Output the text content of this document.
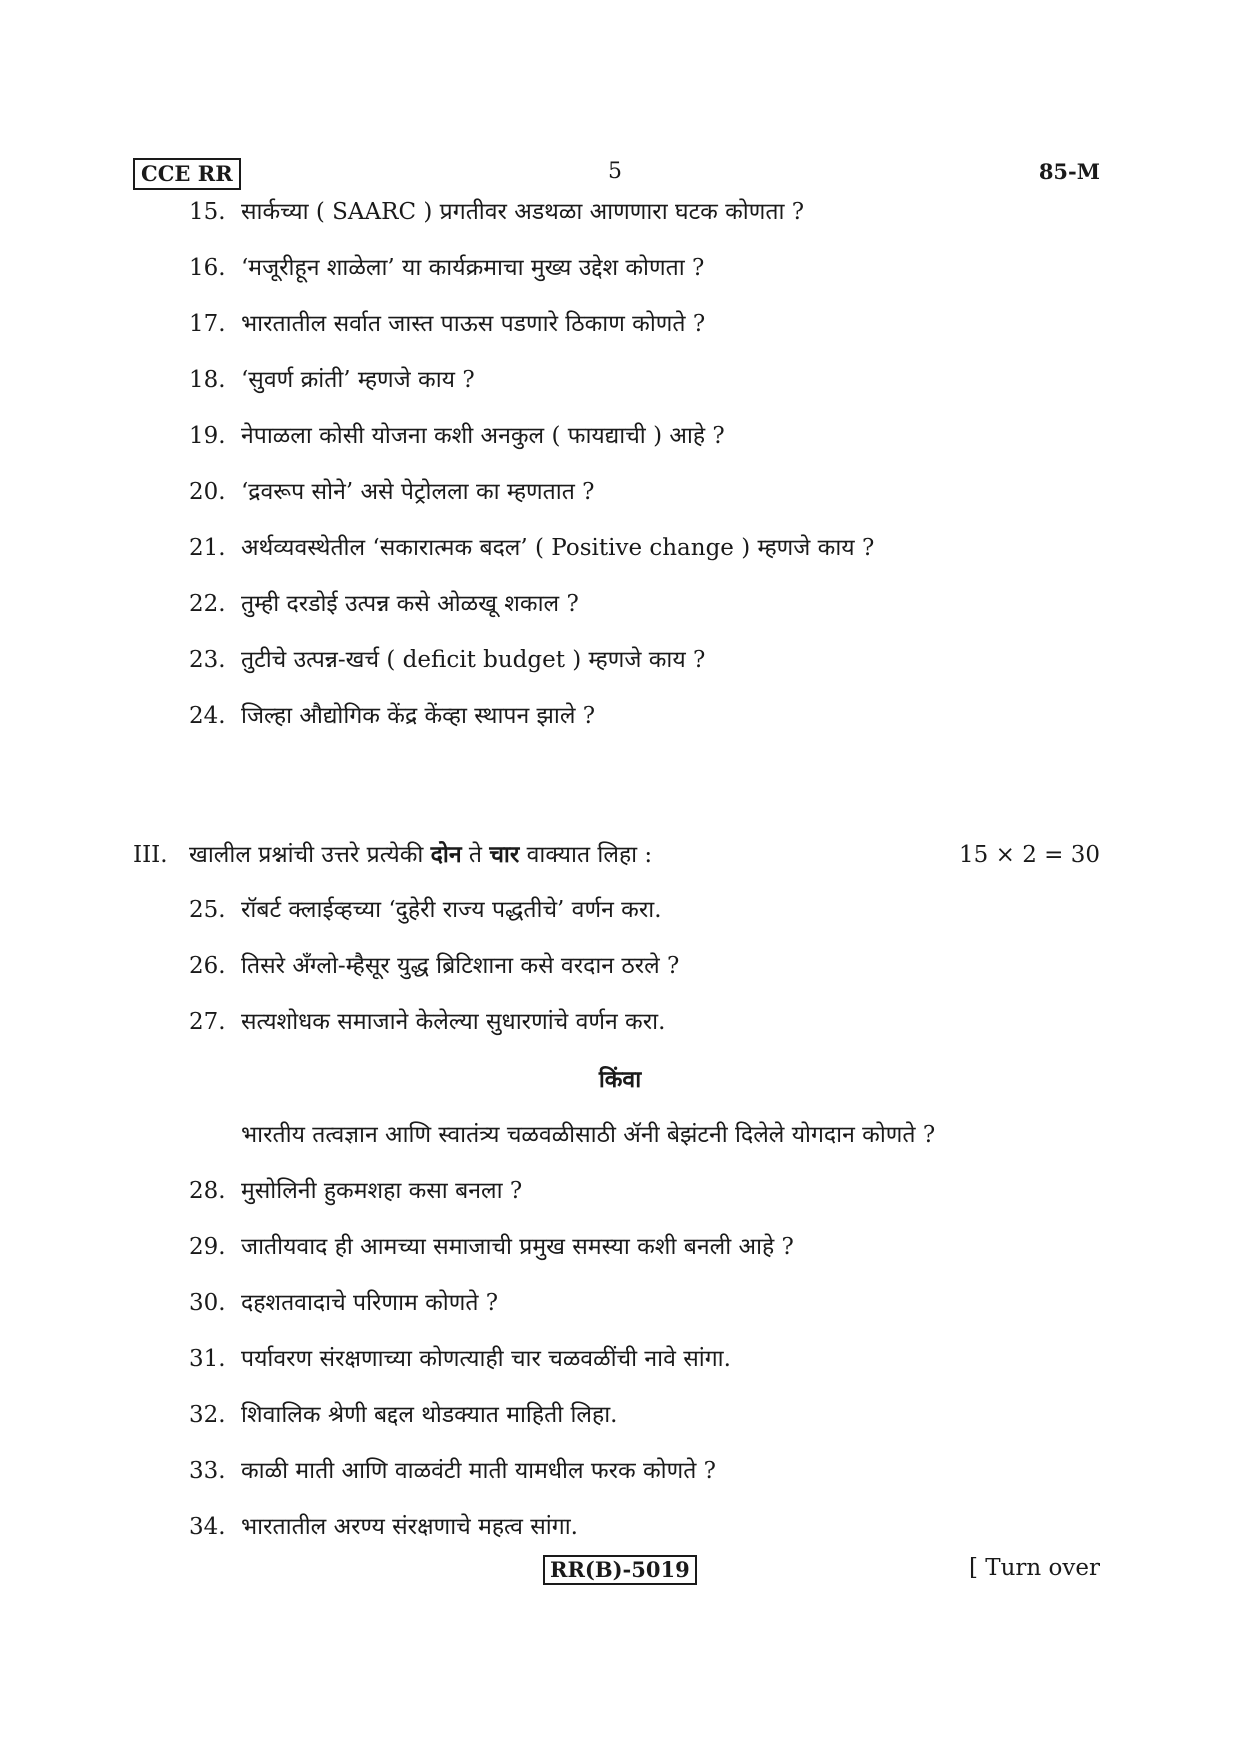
CCE RR	5	85-M
15. सार्कच्या ( SAARC ) प्रगतीवर अडथळा आणणारा घटक कोणता ?
16. ‘मजूरीहून शाळेला’ या कार्यक्रमाचा मुख्य उद्देश कोणता ?
17. भारतातील सर्वात जास्त पाऊस पडणारे ठिकाण कोणते ?
18. ‘सुवर्ण क्रांती’ म्हणजे काय ?
19. नेपाळला कोसी योजना कशी अनकुल ( फायद्याची ) आहे ?
20. ‘द्रवरूप सोने’ असे पेट्रोलला का म्हणतात ?
21. अर्थव्यवस्थेतील ‘सकारात्मक बदल’ ( Positive change ) म्हणजे काय ?
22. तुम्ही दरडोई उत्पन्न कसे ओळखू शकाल ?
23. तुटीचे उत्पन्न-खर्च ( deficit budget ) म्हणजे काय ?
24. जिल्हा औद्योगिक केंद्र केंव्हा स्थापन झाले ?
III. खालील प्रश्नांची उत्तरे प्रत्येकी दोन ते चार वाक्यात लिहा :	15 × 2 = 30
25. रॉबर्ट क्लाईव्हच्या ‘दुहेरी राज्य पद्धतीचे’ वर्णन करा.
26. तिसरे अँग्लो-म्हैसूर युद्ध ब्रिटिशाना कसे वरदान ठरले ?
27. सत्यशोधक समाजाने केलेल्या सुधारणांचे वर्णन करा.
किंवा
भारतीय तत्वज्ञान आणि स्वातंत्र्य चळवळीसाठी ॲनी बेझंटनी दिलेले योगदान कोणते ?
28. मुसोलिनी हुकमशहा कसा बनला ?
29. जातीयवाद ही आमच्या समाजाची प्रमुख समस्या कशी बनली आहे ?
30. दहशतवादाचे परिणाम कोणते ?
31. पर्यावरण संरक्षणाच्या कोणत्याही चार चळवळींची नावे सांगा.
32. शिवालिक श्रेणी बद्दल थोडक्यात माहिती लिहा.
33. काळी माती आणि वाळवंटी माती यामधील फरक कोणते ?
34. भारतातील अरण्य संरक्षणाचे महत्व सांगा.
RR(B)-5019	[ Turn over
